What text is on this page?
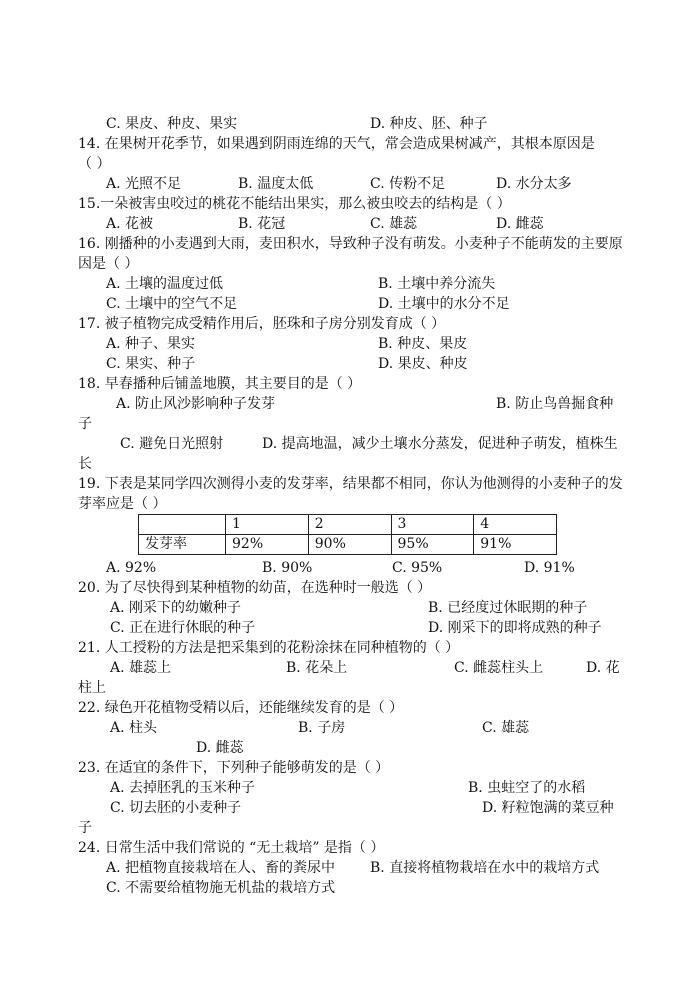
C. 果皮、种皮、果实	D. 种皮、胚、种子
14. 在果树开花季节，如果遇到阴雨连绵的天气，常会造成果树减产，其根本原因是
（ ）
A. 光照不足	B. 温度太低	C. 传粉不足	D. 水分太多
15.一朵被害虫咬过的桃花不能结出果实，那么被虫咬去的结构是（ ）
A. 花被	B. 花冠	C. 雄蕊	D. 雌蕊
16. 刚播种的小麦遇到大雨，麦田积水，导致种子没有萌发。小麦种子不能萌发的主要原
因是（ ）
A. 土壤的温度过低	B. 土壤中养分流失
C. 土壤中的空气不足	D. 土壤中的水分不足
17. 被子植物完成受精作用后，胚珠和子房分别发育成（ ）
A. 种子、果实	B. 种皮、果皮
C. 果实、种子	D. 果皮、种皮
18. 早春播种后铺盖地膜，其主要目的是（ ）
A. 防止风沙影响种子发芽	B. 防止鸟兽掘食种
子
C. 避免日光照射	D. 提高地温，减少土壤水分蒸发，促进种子萌发，植株生
长
19. 下表是某同学四次测得小麦的发芽率，结果都不相同，你认为他测得的小麦种子的发
芽率应是（ ）
	1	2	3	4
发芽率	92%	90%	95%	91%
A. 92%	B. 90%	C. 95%	D. 91%
20. 为了尽快得到某种植物的幼苗，在选种时一般选（ ）
A. 刚采下的幼嫩种子	B. 已经度过休眠期的种子
C. 正在进行休眠的种子	D. 刚采下的即将成熟的种子
21. 人工授粉的方法是把采集到的花粉涂抹在同种植物的（ ）
A. 雄蕊上	B. 花朵上	C. 雌蕊柱头上	D. 花
柱上
22. 绿色开花植物受精以后，还能继续发育的是（ ）
A. 柱头	B. 子房	C. 雄蕊
D. 雌蕊
23. 在适宜的条件下，下列种子能够萌发的是（ ）
A. 去掉胚乳的玉米种子	B. 虫蛀空了的水稻
C. 切去胚的小麦种子	D. 籽粒饱满的菜豆种
子
24. 日常生活中我们常说的 “无土栽培” 是指（ ）
A. 把植物直接栽培在人、畜的粪尿中 B. 直接将植物栽培在水中的栽培方式
C. 不需要给植物施无机盐的栽培方式
